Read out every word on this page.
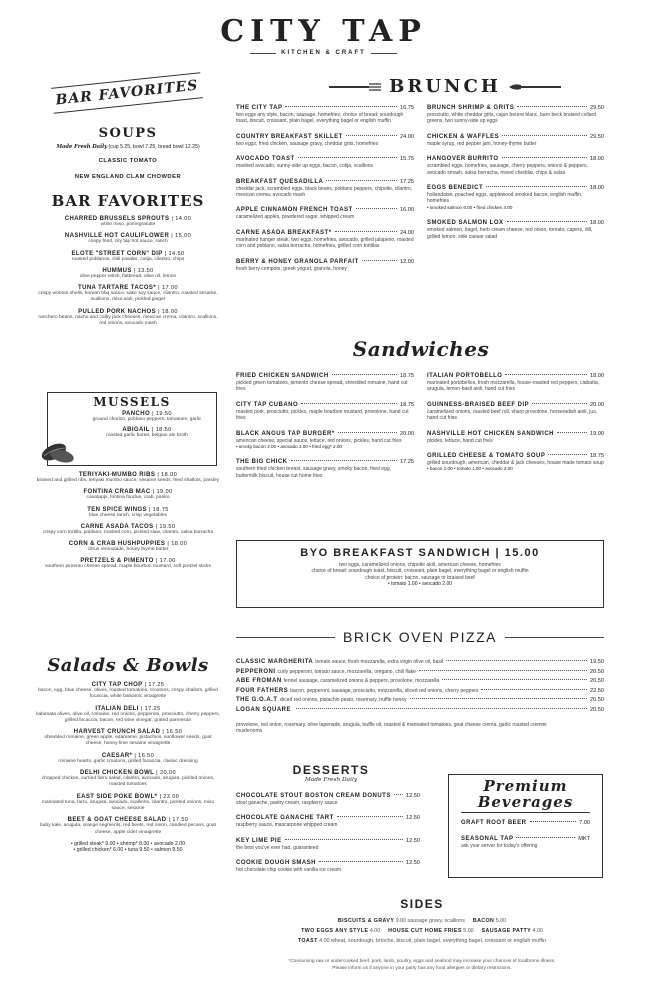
CITY TAP
KITCHEN & CRAFT
BAR FAVORITES
SOUPS
Made Fresh Daily (cup 5.25, bowl 7.25, bread bowl 12.25)
CLASSIC TOMATO
NEW ENGLAND CLAM CHOWDER
BAR FAVORITES
CHARRED BRUSSELS SPROUTS | 14.00
white miso, pomegranate
NASHVILLE HOT CAULIFLOWER | 15.00
crispy fried, city tap hot sauce, ranch
ELOTE "STREET CORN" DIP | 14.50
roasted poblanos, chili powder, cotija, cilantro, chips
HUMMUS | 13.50
olive pepper relish, flatbread, olive oil, lemon
TUNA TARTARE TACOS* | 17.00
crispy wonton shells, korean bbq sauce, sake soy sauce, cilantro, roasted sesame, scallions, miso aioli, pickled ginger
PULLED PORK NACHOS | 18.00
ranchero beans, nacho and colby jack cheeses, mexican crema, cilantro, scallions, red onions, avocado mash
MUSSELS
PANCHO | 19.50
ground chorizo, poblano peppers, tomatoes, garlic
ABIGAIL | 18.50
roasted garlic butter, belgian ale broth
TERIYAKI-MUMBO RIBS | 18.00
braised and grilled ribs, teriyaki mumbo sauce, sesame seeds, fried shallots, parsley
FONTINA CRAB MAC | 19.00
cavatappi, fontina fondue, crab, panko
TEN SPICE WINGS | 18.75
blue cheese ranch, crisp vegetables
CARNE ASADA TACOS | 19.50
crispy corn tortilla, poblano, roasted corn, pickled slaw, cilantro, salsa borracha
CORN & CRAB HUSHPUPPIES | 18.00
citrus remoulade, honey thyme butter
PRETZELS & PIMENTO | 17.00
southern pimento cheese spread, maple bourbon mustard, soft pretzel sticks
Salads & Bowls
CITY TAP CHOP | 17.25
bacon, egg, blue cheese, olives, roasted tomatoes, croutons, crispy shallots, grilled focaccia, white balsamic vinaigrette
ITALIAN DELI | 17.25
kalamata olives, olive oil, romaine, red onions, pepperoni, prosciutto, cherry peppers, grilled focaccia, bacon, red wine vinegar, grated parmesan
HARVEST CRUNCH SALAD | 16.50
shredded romaine, green apple, edamame, pistachios, sunflower seeds, goat cheese, honey-lime sesame vinaigrette
CAESAR* | 16.50
romaine hearts, garlic croutons, grilled focaccia, classic dressing
DELHI CHICKEN BOWL | 20.00
chopped chicken, curried farro salad, cilantro, avocado, arugula, pickled onions, roasted tomatoes
EAST SIDE POKE BOWL* | 23.00
marinated tuna, farro, arugula, avocado, scallions, cilantro, pickled onions, miso sauce, sesame
BEET & GOAT CHEESE SALAD | 17.50
baby kale, arugula, orange segments, red beets, red onion, candied pecans, goat cheese, apple cider vinaigrette
• grilled steak* 9.00 • shrimp* 8.00 • avocado 2.00
• grilled chicken* 6.00 • tuna 9.50 • salmon 9.50
BRUNCH
THE CITY TAP	16.75
two eggs any style, bacon, sausage, homefries, choice of bread: sourdough toast, biscuit, croissant, plain bagel, everything bagel or english muffin
COUNTRY BREAKFAST SKILLET	24.00
two eggs, fried chicken, sausage gravy, cheddar grits, homefries
AVOCADO TOAST	15.75
mashed avocado, sunny-side up eggs, bacon, cotija, scallions
BREAKFAST QUESADILLA	17.25
cheddar jack, scrambled eggs, black beans, poblano peppers, chipotle, cilantro, mexican crema, avocado mash
APPLE CINNAMON FRENCH TOAST	16.00
caramelized apples, powdered sugar, whipped cream
CARNE ASADA BREAKFAST*	24.00
marinated hanger steak, two eggs, homefries, avocado, grilled jalapeno, roasted corn and poblano, salsa borracha, homefries, grilled corn tortillas
BERRY & HONEY GRANOLA PARFAIT	12.00
fresh berry compote, greek yogurt, granola, honey
BRUNCH SHRIMP & GRITS	29.50
prosciutto, white cheddar grits, cajun beurre blanc, barn beck braised collard greens, two sunny-side up eggs
CHICKEN & WAFFLES	29.50
maple syrup, red pepper jam, honey-thyme butter
HANGOVER BURRITO	18.00
scrambled eggs, homefries, sausage, cherry peppers, onions & peppers, avocado smash, salsa borracha, mixed cheddar, chips & salsa
EGGS BENEDICT	18.00
hollandaise, poached eggs, applewood smoked bacon, english muffin, homefries
• smoked salmon 6.00 • fried chicken 4.00
SMOKED SALMON LOX	18.00
smoked salmon, bagel, herb cream cheese, red onion, tomato, capers, dill, grilled lemon, side caesar salad
Sandwiches
FRIED CHICKEN SANDWICH	18.75
pickled green tomatoes, pimento cheese spread, shredded romaine, hand cut fries
CITY TAP CUBANO	18.75
roasted pork, prosciutto, pickles, maple bourbon mustard, provolone, hand cut fries
BLACK ANGUS TAP BURGER*	20.00
american cheese, special sauce, lettuce, red onions, pickles, hand cut fries
• smoky bacon 2.00 • avocado 2.00 • fried egg* 2.00
THE BIG CHICK	17.25
southern fried chicken breast, sausage gravy, smoky bacon, fried egg, buttermilk biscuit, house cut home fries
ITALIAN PORTOBELLO	18.00
marinated portobellos, fresh mozzarella, house-roasted red peppers, ciabatta, arugula, lemon-basil aioli, hand cut fries
GUINNESS-BRAISED BEEF DIP	20.00
caramelized onions, roasted beef roll, sharp provolone, horseradish aioli, jus, hand cut fries
NASHVILLE HOT CHICKEN SANDWICH	19.00
pickles, lettuce, hand cut fries
GRILLED CHEESE & TOMATO SOUP	18.75
grilled sourdough, american, cheddar & jack cheeses, house made tomato soup
• bacon 2.00 • tomato 1.00 • avocado 2.00
BYO BREAKFAST SANDWICH | 15.00
two eggs, caramelized onions, chipotle aioli, american cheese, homefries
choice of bread: sourdough toast, biscuit, croissant, plain bagel, everything bagel or english muffin
choice of protein: bacon, sausage or braised beef
• tomato 1.00 • avocado 2.00
BRICK OVEN PIZZA
CLASSIC MARGHERITA tomato sauce, fresh mozzarella, extra virgin olive oil, basil	19.50
PEPPERONI curly pepperoni, tomato sauce, mozzarella, oregano, chili flake	20.50
ABE FROMAN fennel sausage, caramelized onions & peppers, provolone, mozzarella	20.50
FOUR FATHERS bacon, pepperoni, sausage, prosciutto, mozzarella, sliced red onions, cherry peppers	22.50
THE G.O.A.T sliced red onions, pistachio pesto, rosemary, truffle honey	20.50
LOGAN SQUARE	20.50
provolone, red onion, rosemary, olive tapenade, arugula, truffle oil, roasted & marinated tomatoes, goat cheese crema, garlic roasted cremini mushrooms
DESSERTS
Made Fresh Daily
CHOCOLATE STOUT BOSTON CREAM DONUTS	12.50
stout ganache, pastry cream, raspberry sauce
CHOCOLATE GANACHE TART	12.50
raspberry sauce, mascarpone whipped cream
KEY LIME PIE	12.50
the best you've ever had, guaranteed
COOKIE DOUGH SMASH	12.50
hot chocolate chip cookie with vanilla ice cream
Premium
Beverages
GRAFT ROOT BEER	7.00
SEASONAL TAP	MKT
ask your server for today's offering
SIDES
BISCUITS & GRAVY 9.00 sausage gravy, scallions BACON 5.00
TWO EGGS ANY STYLE 4.00 HOUSE CUT HOME FRIES 5.00 SAUSAGE PATTY 4.00
TOAST 4.00 wheat, sourdough, brioche, biscuit, plain bagel, everything bagel, croissant or english muffin
*Consuming raw or undercooked beef, pork, lamb, poultry, eggs and seafood may increase your chances of foodborne illness.
Please inform us if anyone in your party has any food allergies or dietary restrictions.
